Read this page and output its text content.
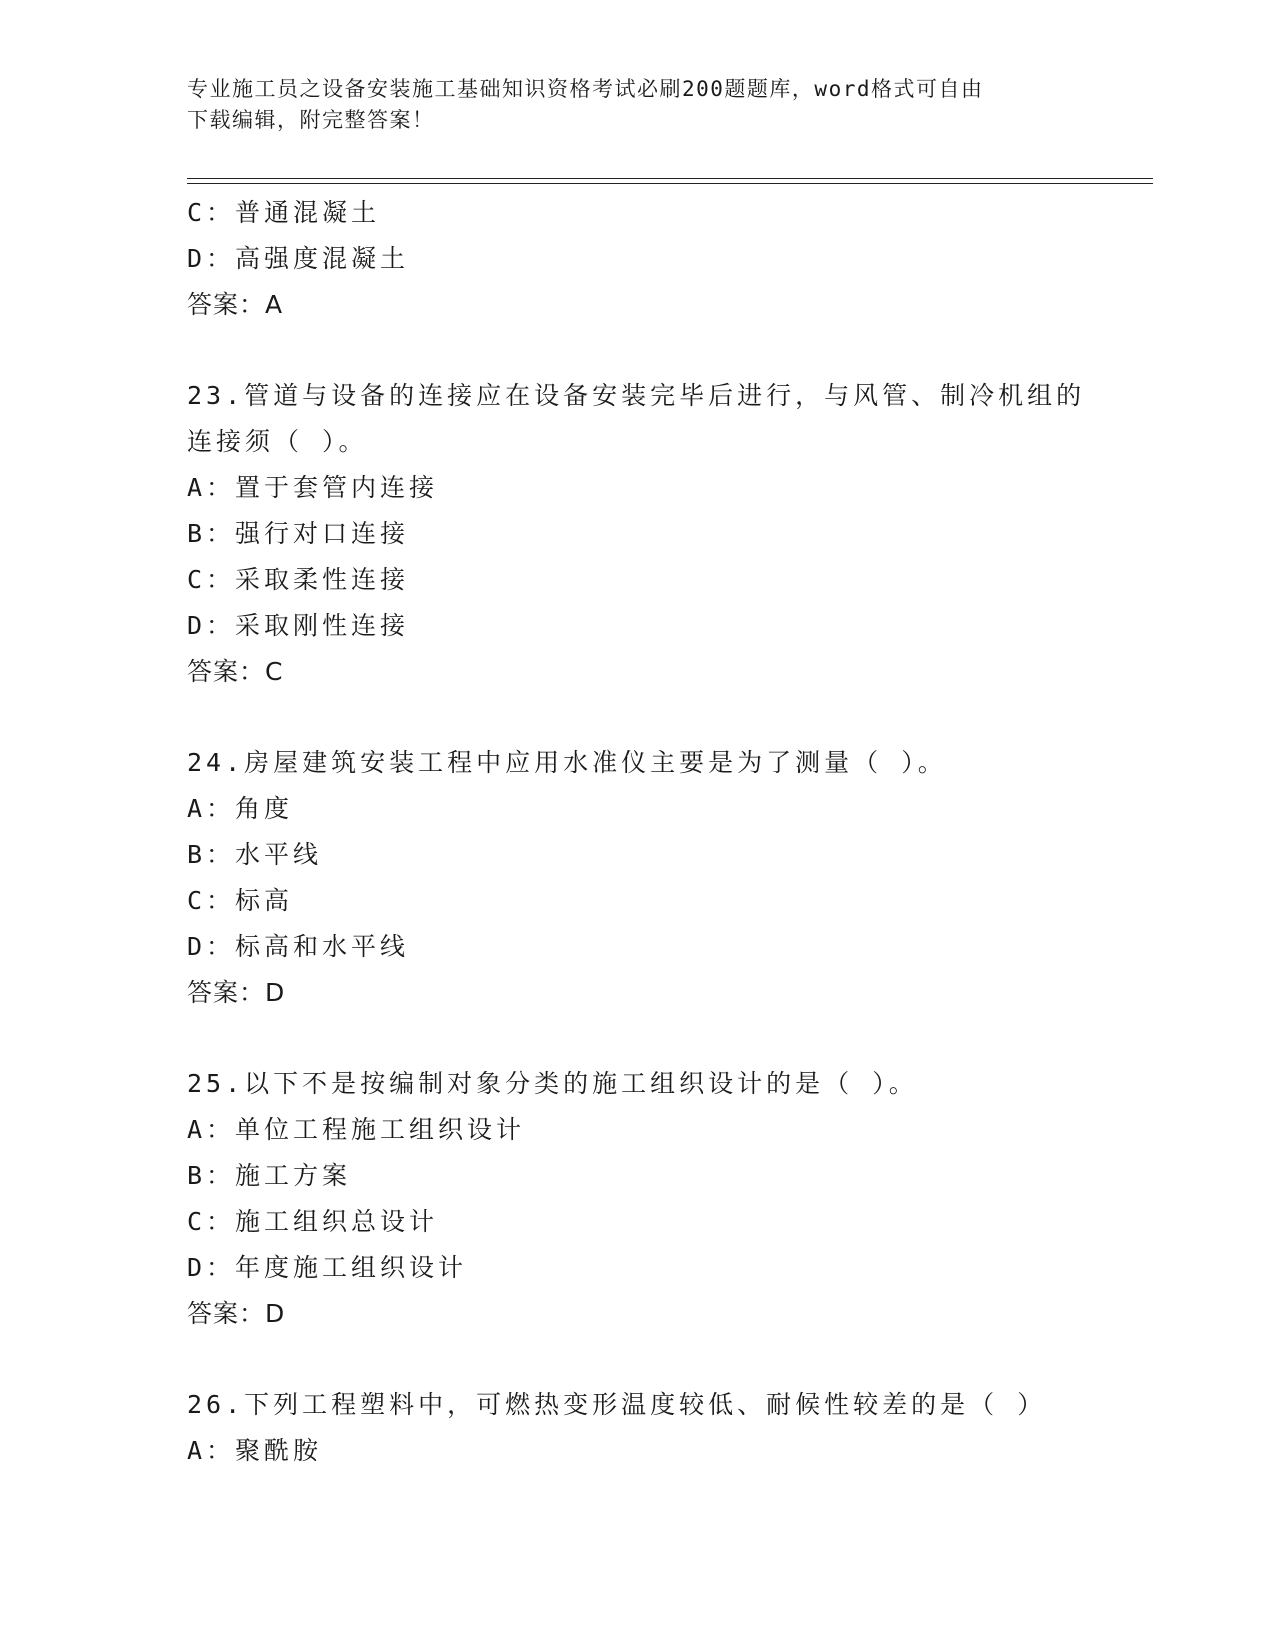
专业施工员之设备安装施工基础知识资格考试必刷200题题库，word格式可自由
下载编辑，附完整答案！
C：普通混凝土
D：高强度混凝土
答案：A
23.管道与设备的连接应在设备安装完毕后进行，与风管、制冷机组的
连接须（ ）。
A：置于套管内连接
B：强行对口连接
C：采取柔性连接
D：采取刚性连接
答案：C
24.房屋建筑安装工程中应用水准仪主要是为了测量（ ）。
A：角度
B：水平线
C：标高
D：标高和水平线
答案：D
25.以下不是按编制对象分类的施工组织设计的是（ ）。
A：单位工程施工组织设计
B：施工方案
C：施工组织总设计
D：年度施工组织设计
答案：D
26.下列工程塑料中，可燃热变形温度较低、耐候性较差的是（ ）
A：聚酰胺
